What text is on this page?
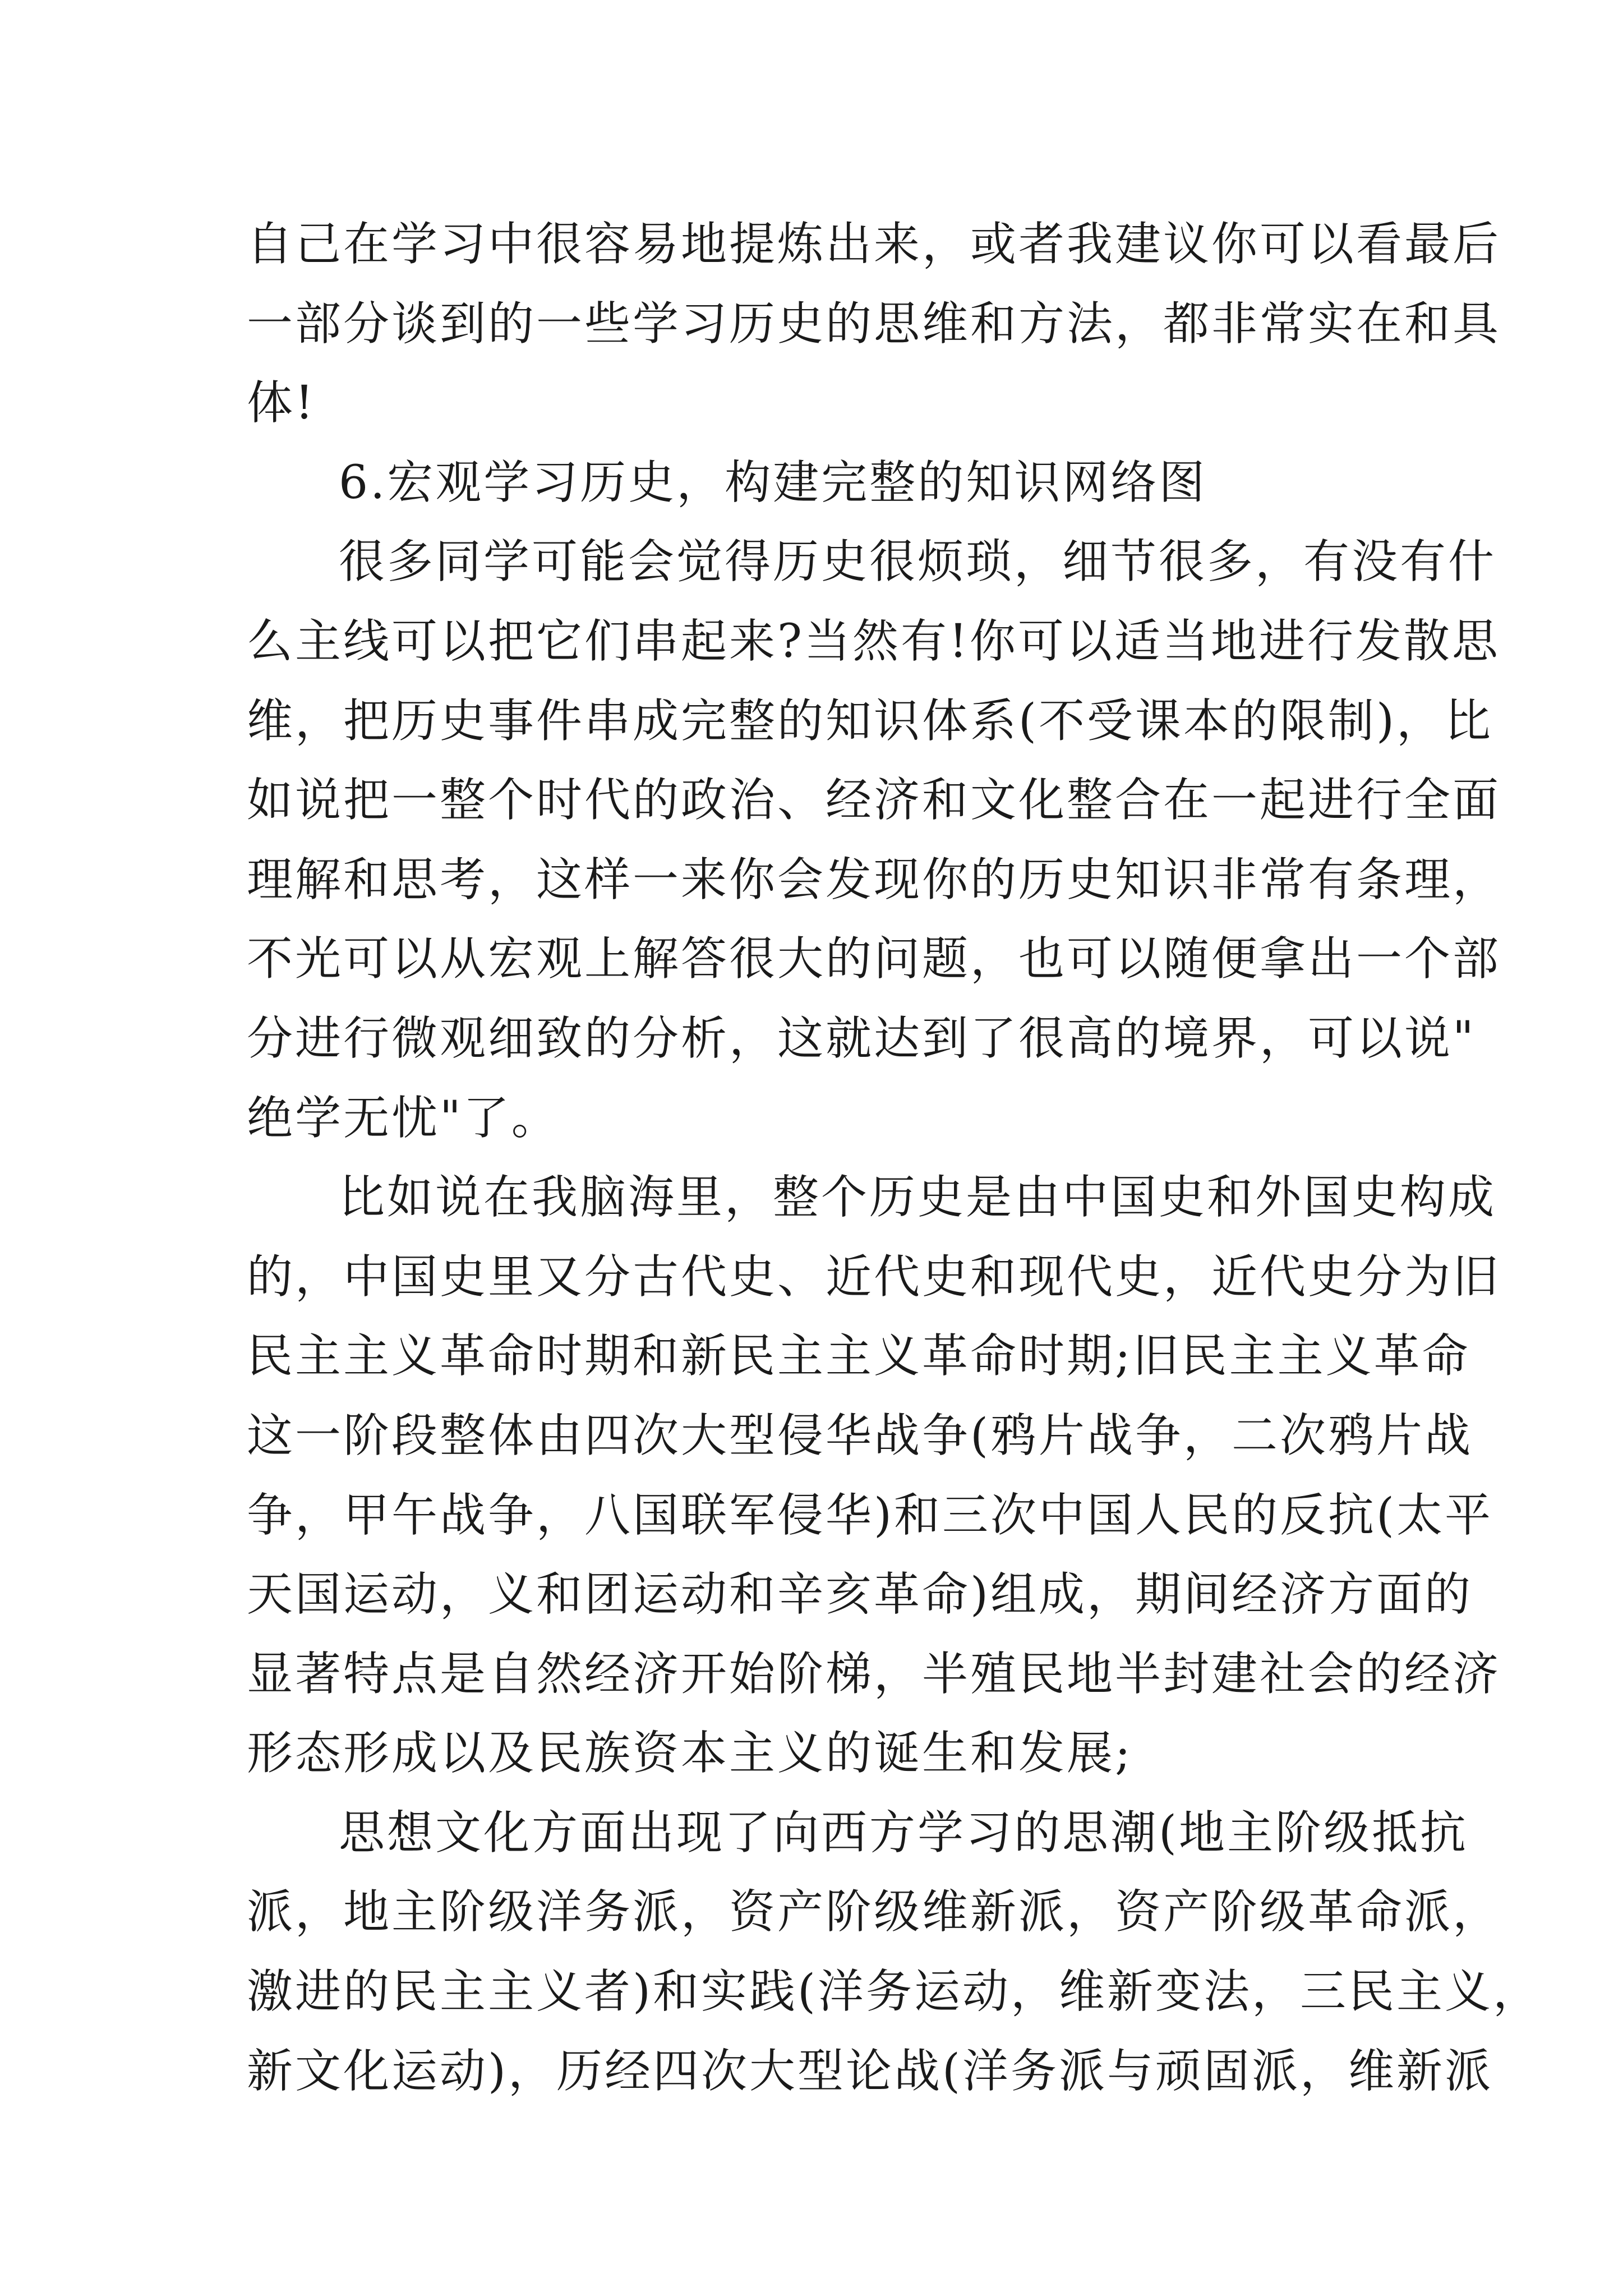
自己在学习中很容易地提炼出来，或者我建议你可以看最后
一部分谈到的一些学习历史的思维和方法，都非常实在和具
体!
6.宏观学习历史，构建完整的知识网络图
很多同学可能会觉得历史很烦琐，细节很多，有没有什
么主线可以把它们串起来?当然有!你可以适当地进行发散思
维，把历史事件串成完整的知识体系(不受课本的限制)，比
如说把一整个时代的政治、经济和文化整合在一起进行全面
理解和思考，这样一来你会发现你的历史知识非常有条理，
不光可以从宏观上解答很大的问题，也可以随便拿出一个部
分进行微观细致的分析，这就达到了很高的境界，可以说"
绝学无忧"了。
比如说在我脑海里，整个历史是由中国史和外国史构成
的，中国史里又分古代史、近代史和现代史，近代史分为旧
民主主义革命时期和新民主主义革命时期;旧民主主义革命
这一阶段整体由四次大型侵华战争(鸦片战争，二次鸦片战
争，甲午战争，八国联军侵华)和三次中国人民的反抗(太平
天国运动，义和团运动和辛亥革命)组成，期间经济方面的
显著特点是自然经济开始阶梯，半殖民地半封建社会的经济
形态形成以及民族资本主义的诞生和发展;
思想文化方面出现了向西方学习的思潮(地主阶级抵抗
派，地主阶级洋务派，资产阶级维新派，资产阶级革命派，
激进的民主主义者)和实践(洋务运动，维新变法，三民主义，
新文化运动)，历经四次大型论战(洋务派与顽固派，维新派
